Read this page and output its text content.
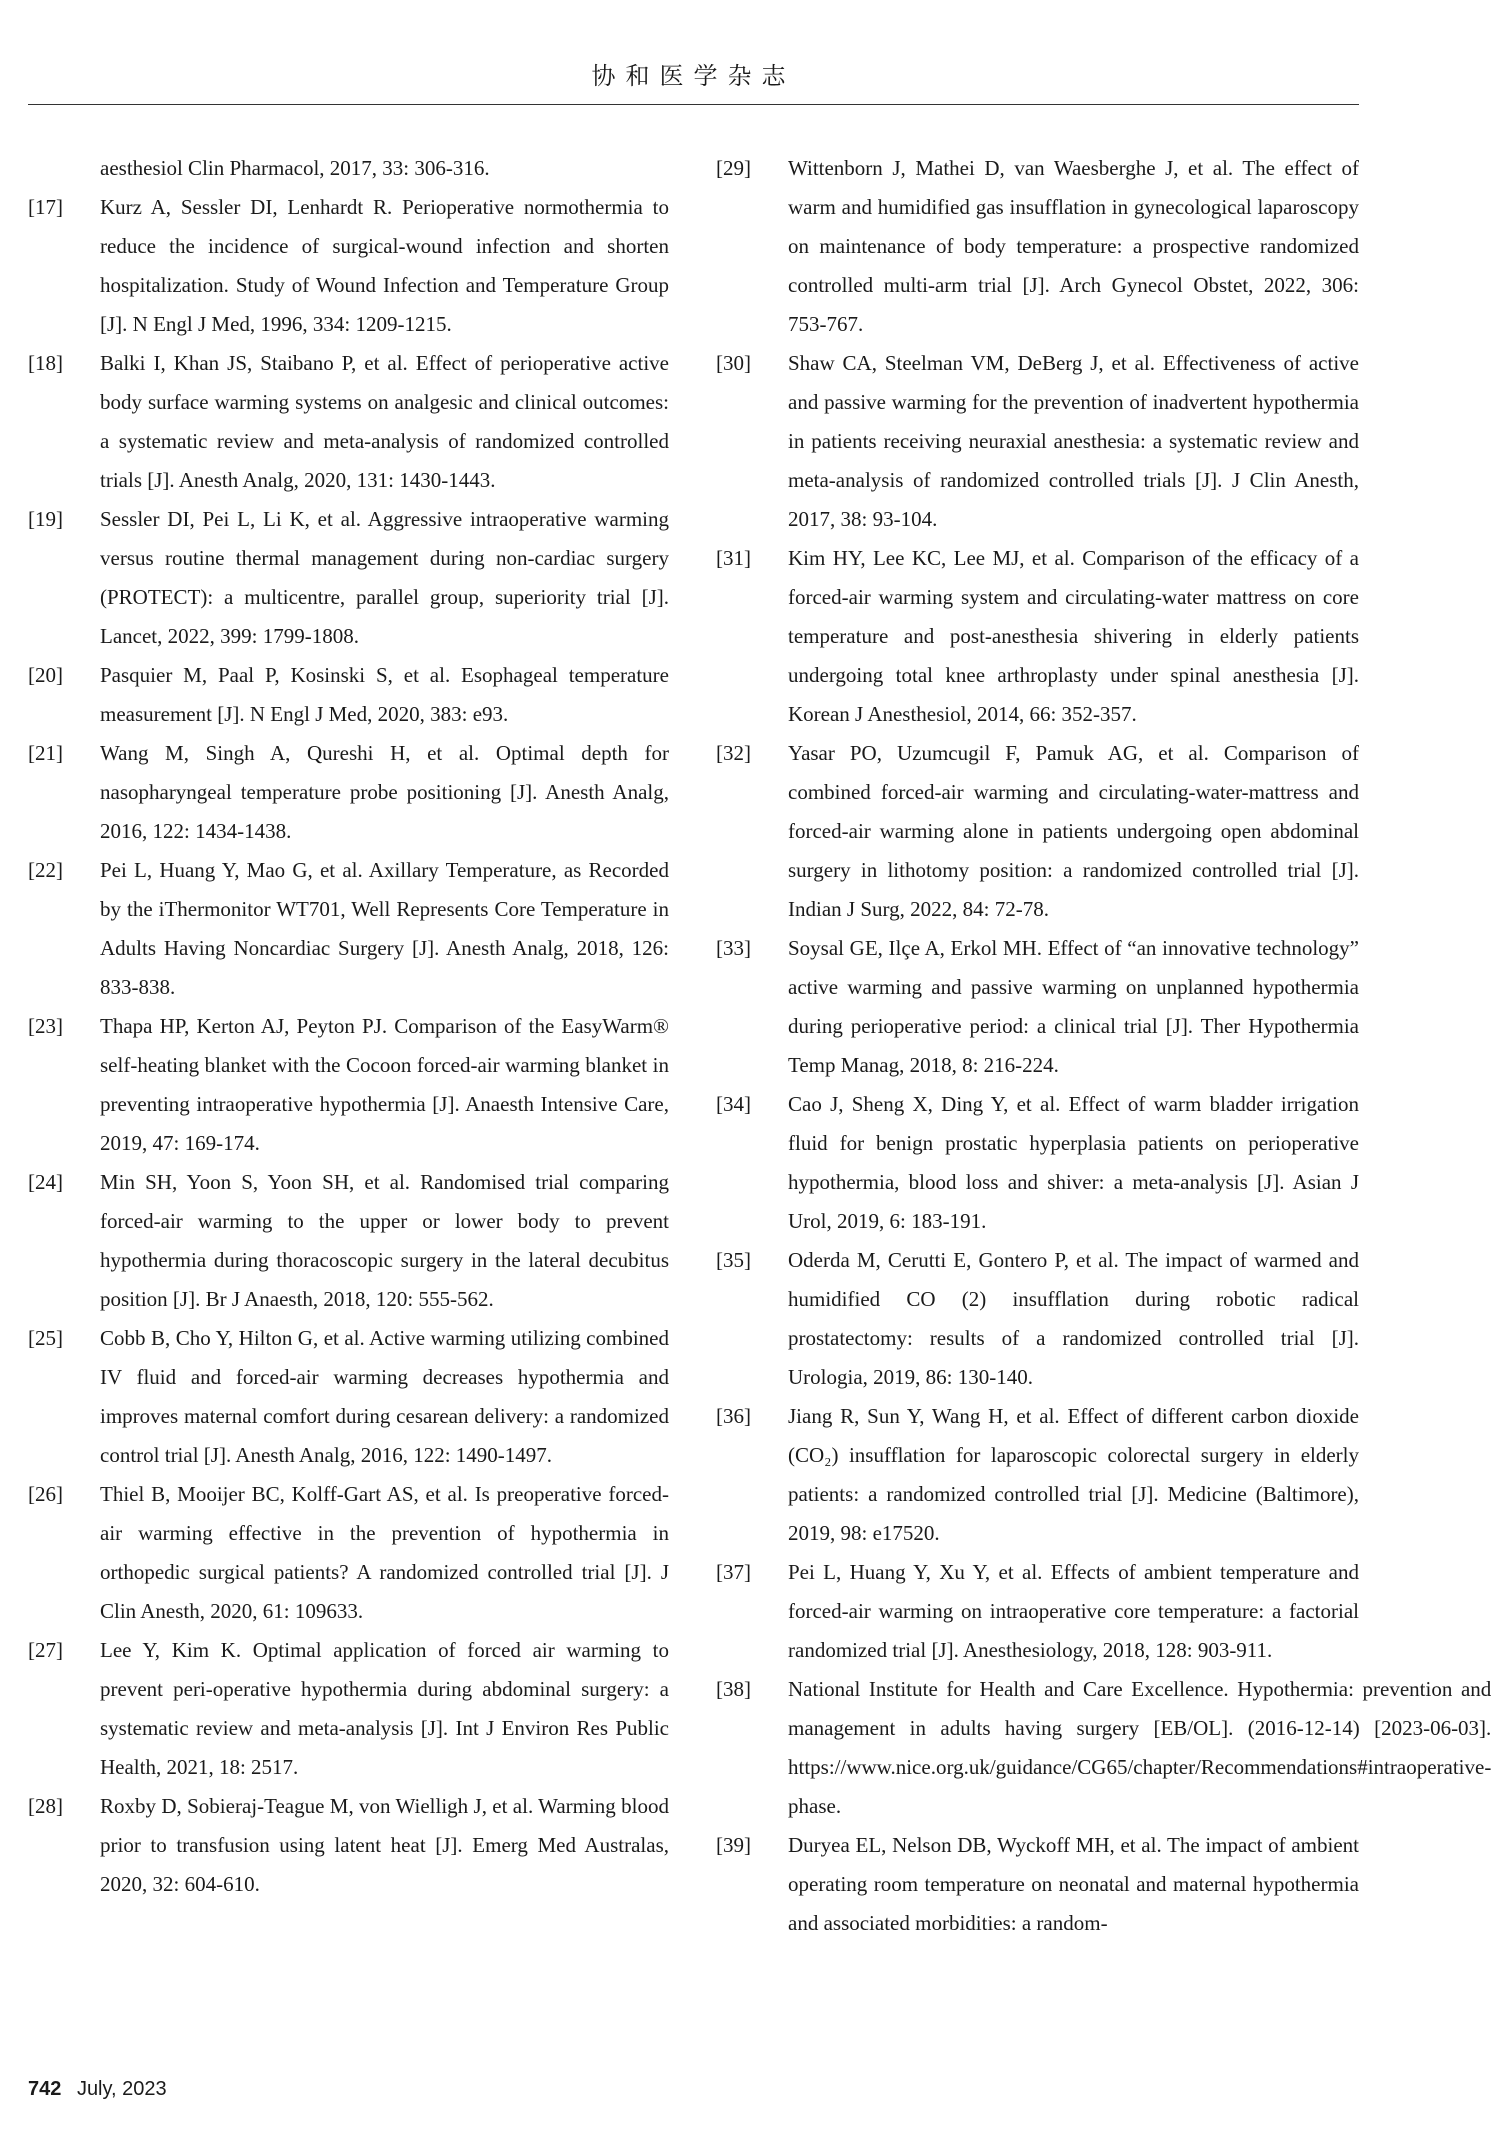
协和医学杂志
aesthesiol Clin Pharmacol, 2017, 33: 306-316.
[17]	Kurz A, Sessler DI, Lenhardt R. Perioperative normothermia to reduce the incidence of surgical-wound infection and shorten hospitalization. Study of Wound Infection and Temperature Group [J]. N Engl J Med, 1996, 334: 1209-1215.
[18]	Balki I, Khan JS, Staibano P, et al. Effect of perioperative active body surface warming systems on analgesic and clinical outcomes: a systematic review and meta-analysis of randomized controlled trials [J]. Anesth Analg, 2020, 131: 1430-1443.
[19]	Sessler DI, Pei L, Li K, et al. Aggressive intraoperative warming versus routine thermal management during non-cardiac surgery (PROTECT): a multicentre, parallel group, superiority trial [J]. Lancet, 2022, 399: 1799-1808.
[20]	Pasquier M, Paal P, Kosinski S, et al. Esophageal temperature measurement [J]. N Engl J Med, 2020, 383: e93.
[21]	Wang M, Singh A, Qureshi H, et al. Optimal depth for nasopharyngeal temperature probe positioning [J]. Anesth Analg, 2016, 122: 1434-1438.
[22]	Pei L, Huang Y, Mao G, et al. Axillary Temperature, as Recorded by the iThermonitor WT701, Well Represents Core Temperature in Adults Having Noncardiac Surgery [J]. Anesth Analg, 2018, 126: 833-838.
[23]	Thapa HP, Kerton AJ, Peyton PJ. Comparison of the EasyWarm® self-heating blanket with the Cocoon forced-air warming blanket in preventing intraoperative hypothermia [J]. Anaesth Intensive Care, 2019, 47: 169-174.
[24]	Min SH, Yoon S, Yoon SH, et al. Randomised trial comparing forced-air warming to the upper or lower body to prevent hypothermia during thoracoscopic surgery in the lateral decubitus position [J]. Br J Anaesth, 2018, 120: 555-562.
[25]	Cobb B, Cho Y, Hilton G, et al. Active warming utilizing combined IV fluid and forced-air warming decreases hypothermia and improves maternal comfort during cesarean delivery: a randomized control trial [J]. Anesth Analg, 2016, 122: 1490-1497.
[26]	Thiel B, Mooijer BC, Kolff-Gart AS, et al. Is preoperative forced-air warming effective in the prevention of hypothermia in orthopedic surgical patients? A randomized controlled trial [J]. J Clin Anesth, 2020, 61: 109633.
[27]	Lee Y, Kim K. Optimal application of forced air warming to prevent peri-operative hypothermia during abdominal surgery: a systematic review and meta-analysis [J]. Int J Environ Res Public Health, 2021, 18: 2517.
[28]	Roxby D, Sobieraj-Teague M, von Wielligh J, et al. Warming blood prior to transfusion using latent heat [J]. Emerg Med Australas, 2020, 32: 604-610.
[29]	Wittenborn J, Mathei D, van Waesberghe J, et al. The effect of warm and humidified gas insufflation in gynecological laparoscopy on maintenance of body temperature: a prospective randomized controlled multi-arm trial [J]. Arch Gynecol Obstet, 2022, 306: 753-767.
[30]	Shaw CA, Steelman VM, DeBerg J, et al. Effectiveness of active and passive warming for the prevention of inadvertent hypothermia in patients receiving neuraxial anesthesia: a systematic review and meta-analysis of randomized controlled trials [J]. J Clin Anesth, 2017, 38: 93-104.
[31]	Kim HY, Lee KC, Lee MJ, et al. Comparison of the efficacy of a forced-air warming system and circulating-water mattress on core temperature and post-anesthesia shivering in elderly patients undergoing total knee arthroplasty under spinal anesthesia [J]. Korean J Anesthesiol, 2014, 66: 352-357.
[32]	Yasar PO, Uzumcugil F, Pamuk AG, et al. Comparison of combined forced-air warming and circulating-water-mattress and forced-air warming alone in patients undergoing open abdominal surgery in lithotomy position: a randomized controlled trial [J]. Indian J Surg, 2022, 84: 72-78.
[33]	Soysal GE, Ilçe A, Erkol MH. Effect of “an innovative technology” active warming and passive warming on unplanned hypothermia during perioperative period: a clinical trial [J]. Ther Hypothermia Temp Manag, 2018, 8: 216-224.
[34]	Cao J, Sheng X, Ding Y, et al. Effect of warm bladder irrigation fluid for benign prostatic hyperplasia patients on perioperative hypothermia, blood loss and shiver: a meta-analysis [J]. Asian J Urol, 2019, 6: 183-191.
[35]	Oderda M, Cerutti E, Gontero P, et al. The impact of warmed and humidified CO (2) insufflation during robotic radical prostatectomy: results of a randomized controlled trial [J]. Urologia, 2019, 86: 130-140.
[36]	Jiang R, Sun Y, Wang H, et al. Effect of different carbon dioxide (CO₂) insufflation for laparoscopic colorectal surgery in elderly patients: a randomized controlled trial [J]. Medicine (Baltimore), 2019, 98: e17520.
[37]	Pei L, Huang Y, Xu Y, et al. Effects of ambient temperature and forced-air warming on intraoperative core temperature: a factorial randomized trial [J]. Anesthesiology, 2018, 128: 903-911.
[38]	National Institute for Health and Care Excellence. Hypothermia: prevention and management in adults having surgery [EB/OL]. (2016-12-14) [2023-06-03]. https://www.nice.org.uk/guidance/CG65/chapter/Recommendations#intraoperative-phase.
[39]	Duryea EL, Nelson DB, Wyckoff MH, et al. The impact of ambient operating room temperature on neonatal and maternal hypothermia and associated morbidities: a random-
742 July, 2023
